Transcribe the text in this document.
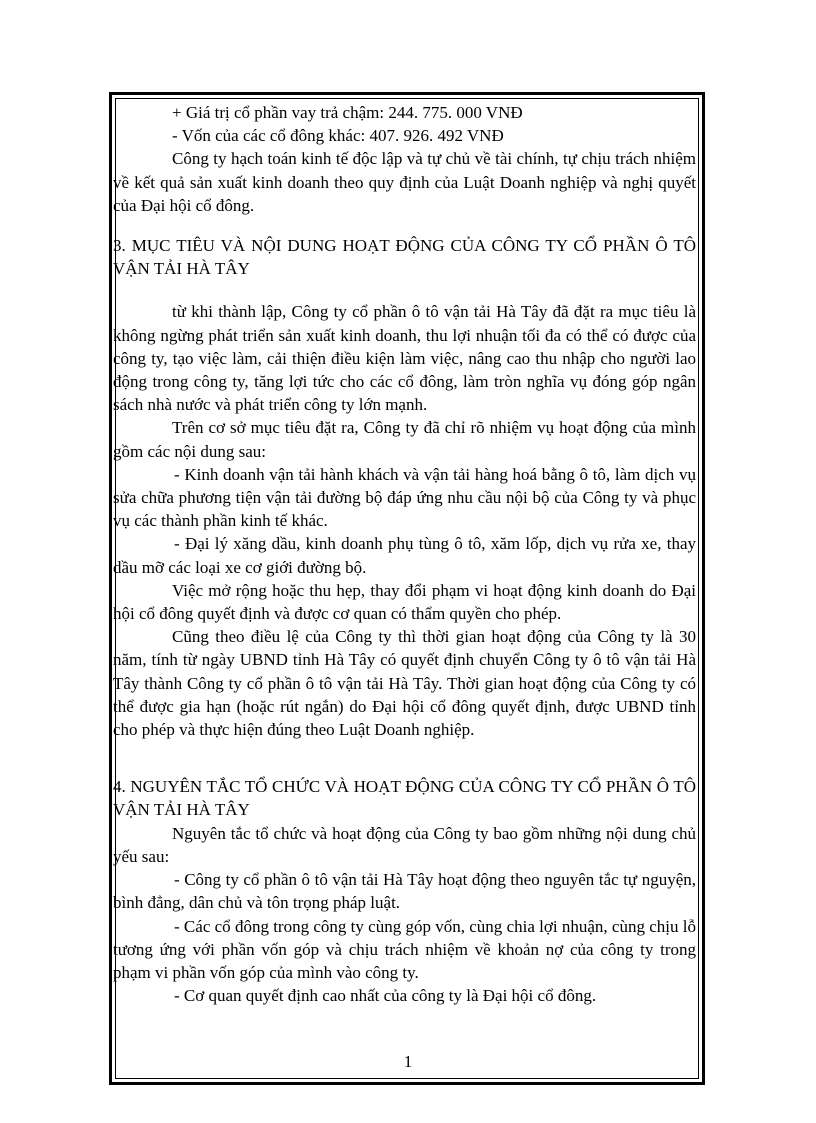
+ Giá trị cổ phần vay trả chậm: 244. 775. 000 VNĐ

- Vốn của các cổ đông khác: 407. 926. 492 VNĐ

Công ty hạch toán kinh tế độc lập và tự chủ về tài chính, tự chịu trách nhiệm về kết quả sản xuất kinh doanh theo quy định của Luật Doanh nghiệp và nghị quyết của Đại hội cổ đông.

3. MỤC TIÊU VÀ NỘI DUNG HOẠT ĐỘNG CỦA CÔNG TY CỔ PHẦN Ô TÔ VẬN TẢI HÀ TÂY

từ khi thành lập, Công ty cổ phần ô tô vận tải Hà Tây đã đặt ra mục tiêu là không ngừng phát triển sản xuất kinh doanh, thu lợi nhuận tối đa có thể có được của công ty, tạo việc làm, cải thiện điều kiện làm việc, nâng cao thu nhập cho người lao động trong công ty, tăng lợi tức cho các cổ đông, làm tròn nghĩa vụ đóng góp ngân sách nhà nước và phát triển công ty lớn mạnh.

Trên cơ sở mục tiêu đặt ra, Công ty đã chỉ rõ nhiệm vụ hoạt động của mình gồm các nội dung sau:

- Kinh doanh vận tải hành khách và vận tải hàng hoá bằng ô tô, làm dịch vụ sửa chữa phương tiện vận tải đường bộ đáp ứng nhu cầu nội bộ của Công ty và phục vụ các thành phần kinh tế khác.

- Đại lý xăng dầu, kinh doanh phụ tùng ô tô, xăm lốp, dịch vụ rửa xe, thay dầu mỡ các loại xe cơ giới đường bộ.

Việc mở rộng hoặc thu hẹp, thay đổi phạm vi hoạt động kinh doanh do Đại hội cổ đông quyết định và được cơ quan có thẩm quyền cho phép.

Cũng theo điều lệ của Công ty thì thời gian hoạt động của Công ty là 30 năm, tính từ ngày UBND tỉnh Hà Tây có quyết định chuyển Công ty ô tô vận tải Hà Tây thành Công ty cổ phần ô tô vận tải Hà Tây. Thời gian hoạt động của Công ty có thể được gia hạn (hoặc rút ngắn) do Đại hội cổ đông quyết định, được UBND tỉnh cho phép và thực hiện đúng theo Luật Doanh nghiệp.

4. NGUYÊN TẮC TỔ CHỨC VÀ HOẠT ĐỘNG CỦA CÔNG TY CỔ PHẦN Ô TÔ VẬN TẢI HÀ TÂY

Nguyên tắc tổ chức và hoạt động của Công ty bao gồm những nội dung chủ yếu sau:

- Công ty cổ phần ô tô vận tải Hà Tây hoạt động theo nguyên tắc tự nguyện, bình đẳng, dân chủ và tôn trọng pháp luật.

- Các cổ đông trong công ty cùng góp vốn, cùng chia lợi nhuận, cùng chịu lỗ tương ứng với phần vốn góp và chịu trách nhiệm về khoản nợ của công ty trong phạm vi phần vốn góp của mình vào công ty.

- Cơ quan quyết định cao nhất của công ty là Đại hội cổ đông.

1
